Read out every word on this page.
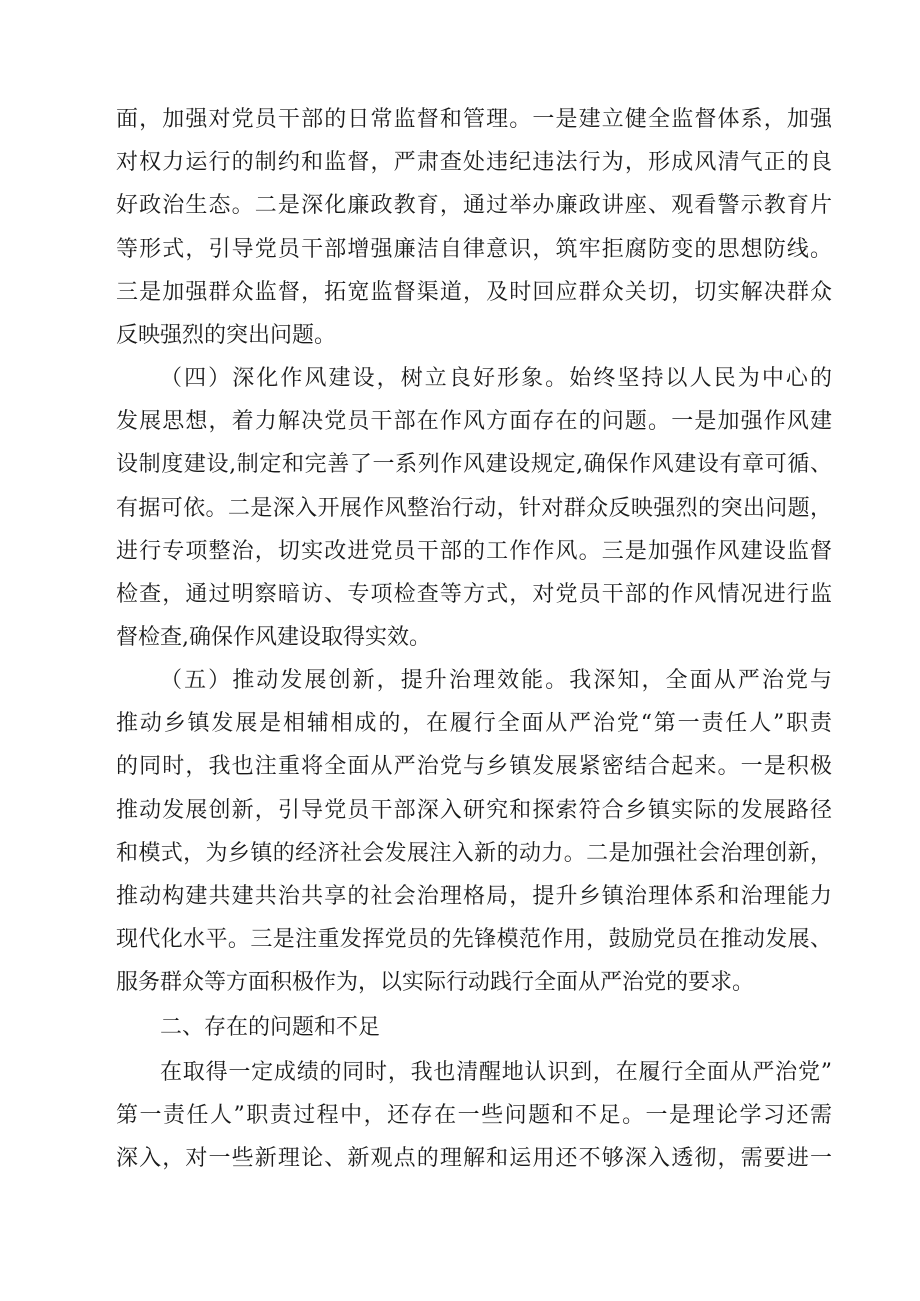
面，加强对党员干部的日常监督和管理。一是建立健全监督体系，加强
对权力运行的制约和监督，严肃查处违纪违法行为，形成风清气正的良
好政治生态。二是深化廉政教育，通过举办廉政讲座、观看警示教育片
等形式，引导党员干部增强廉洁自律意识，筑牢拒腐防变的思想防线。
三是加强群众监督，拓宽监督渠道，及时回应群众关切，切实解决群众
反映强烈的突出问题。
（四）深化作风建设，树立良好形象。始终坚持以人民为中心的
发展思想，着力解决党员干部在作风方面存在的问题。一是加强作风建
设制度建设,制定和完善了一系列作风建设规定,确保作风建设有章可循、
有据可依。二是深入开展作风整治行动，针对群众反映强烈的突出问题，
进行专项整治，切实改进党员干部的工作作风。三是加强作风建设监督
检查，通过明察暗访、专项检查等方式，对党员干部的作风情况进行监
督检查,确保作风建设取得实效。
（五）推动发展创新，提升治理效能。我深知，全面从严治党与
推动乡镇发展是相辅相成的，在履行全面从严治党“第一责任人”职责
的同时，我也注重将全面从严治党与乡镇发展紧密结合起来。一是积极
推动发展创新，引导党员干部深入研究和探索符合乡镇实际的发展路径
和模式，为乡镇的经济社会发展注入新的动力。二是加强社会治理创新，
推动构建共建共治共享的社会治理格局，提升乡镇治理体系和治理能力
现代化水平。三是注重发挥党员的先锋模范作用，鼓励党员在推动发展、
服务群众等方面积极作为，以实际行动践行全面从严治党的要求。
二、存在的问题和不足
在取得一定成绩的同时，我也清醒地认识到，在履行全面从严治党”
第一责任人”职责过程中，还存在一些问题和不足。一是理论学习还需
深入，对一些新理论、新观点的理解和运用还不够深入透彻，需要进一
